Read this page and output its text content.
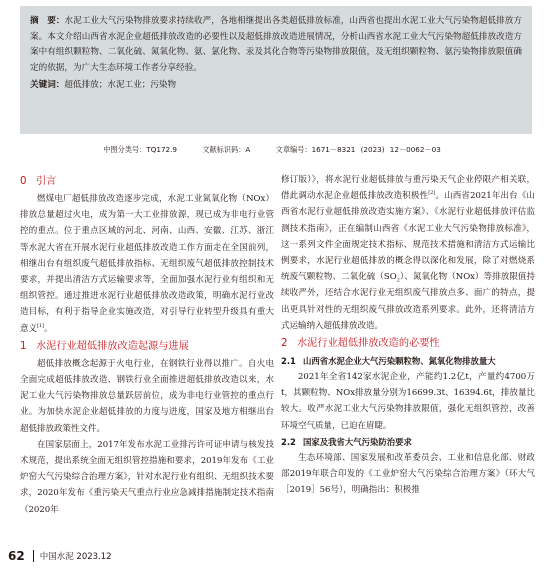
摘　要：水泥工业大气污染物排放要求持续收严，各地相继提出各类超低排放标准，山西省也提出水泥工业大气污染物超低排放方案。本文介绍山西省水泥企业超低排放改造的必要性以及超低排放改造进展情况，分析山西省水泥工业大气污染物超低排放改造方案中有组织颗粒物、二氧化硫、氮氧化物、氨、氯化物、汞及其化合物等污染物排放限值，及无组织颗粒物、氨污染物排放限值确定的依据，为广大生态环境工作者分享经验。

关键词：超低排放；水泥工业；污染物
中图分类号：TQ172.9	文献标识码：A	文章编号：1671－8321 (2023) 12－0062－03
0 引言

燃煤电厂超低排放改造逐步完成，水泥工业氮氧化物（NOx）排放总量超过火电，成为第一大工业排放源，现已成为非电行业管控的重点。位于重点区域的河北、河南、山西、安徽、江苏、浙江等水泥大省在开展水泥行业超低排放改造工作方面走在全国前列，相继出台有组织废气超低排放指标、无组织废气超低排放控制技术要求，并提出清洁方式运输要求等，全面加强水泥行业有组织和无组织管控。通过推进水泥行业超低排放改造政策，明确水泥行业改造目标，有利于指导企业实施改造，对引导行业转型升级具有重大意义[1]。

1 水泥行业超低排放改造起源与进展

超低排放概念起源于火电行业，在钢铁行业得以推广。自火电全面完成超低排放改造、钢铁行业全面推进超低排放改造以来，水泥工业大气污染物排放总量跃居前位，成为非电行业管控的重点行业。为加快水泥企业超低排放的力度与进度，国家及地方相继出台超低排放政策性文件。

在国家层面上，2017年发布水泥工业排污许可证申请与核发技术规范，提出系统全面无组织管控措施和要求，2019年发布《工业炉窑大气污染综合治理方案》，针对水泥行业有组织、无组织技术要求，2020年发布《重污染天气重点行业应急减排措施制定技术指南（2020年

修订版）》，将水泥行业超低排放与重污染天气企业停限产相关联，借此调动水泥企业超低排放改造积极性[2]。山西省2021年出台《山西省水泥行业超低排放改造实施方案》、《水泥行业超低排放评估监测技术指南》，正在编制山西省《水泥工业大气污染物排放标准》，这一系列文件全面规定技术指标、规范技术措施和清洁方式运输比例要求，水泥行业超低排放的概念得以深化和发展，除了对燃烧系统废气颗粒物、二氧化硫$(SO_2)$、氮氧化物（NOx）等排放限值持续收严外，还结合水泥行业无组织废气排放点多、面广的特点，提出更具针对性的无组织废气排放改造系列要求。此外，还将清洁方式运输纳入超低排放改造。

2 水泥行业超低排放改造的必要性
2.1 山西省水泥企业大气污染颗粒物、氮氧化物排放量大

2021年全省142家水泥企业，产能约1.2亿t，产量约4700万t，其颗粒物、NOx排放量分别为16699.3t、16394.6t，排放量比较大。收严水泥工业大气污染物排放限值，强化无组织管控，改善环境空气质量，已迫在眉睫。

2.2 国家及我省大气污染防治要求

生态环境部、国家发展和改革委员会、工业和信息化部、财政部2019年联合印发的《工业炉窑大气污染综合治理方案》（环大气［2019］56号），明确指出：积极推

62 中国水泥 2023.12
